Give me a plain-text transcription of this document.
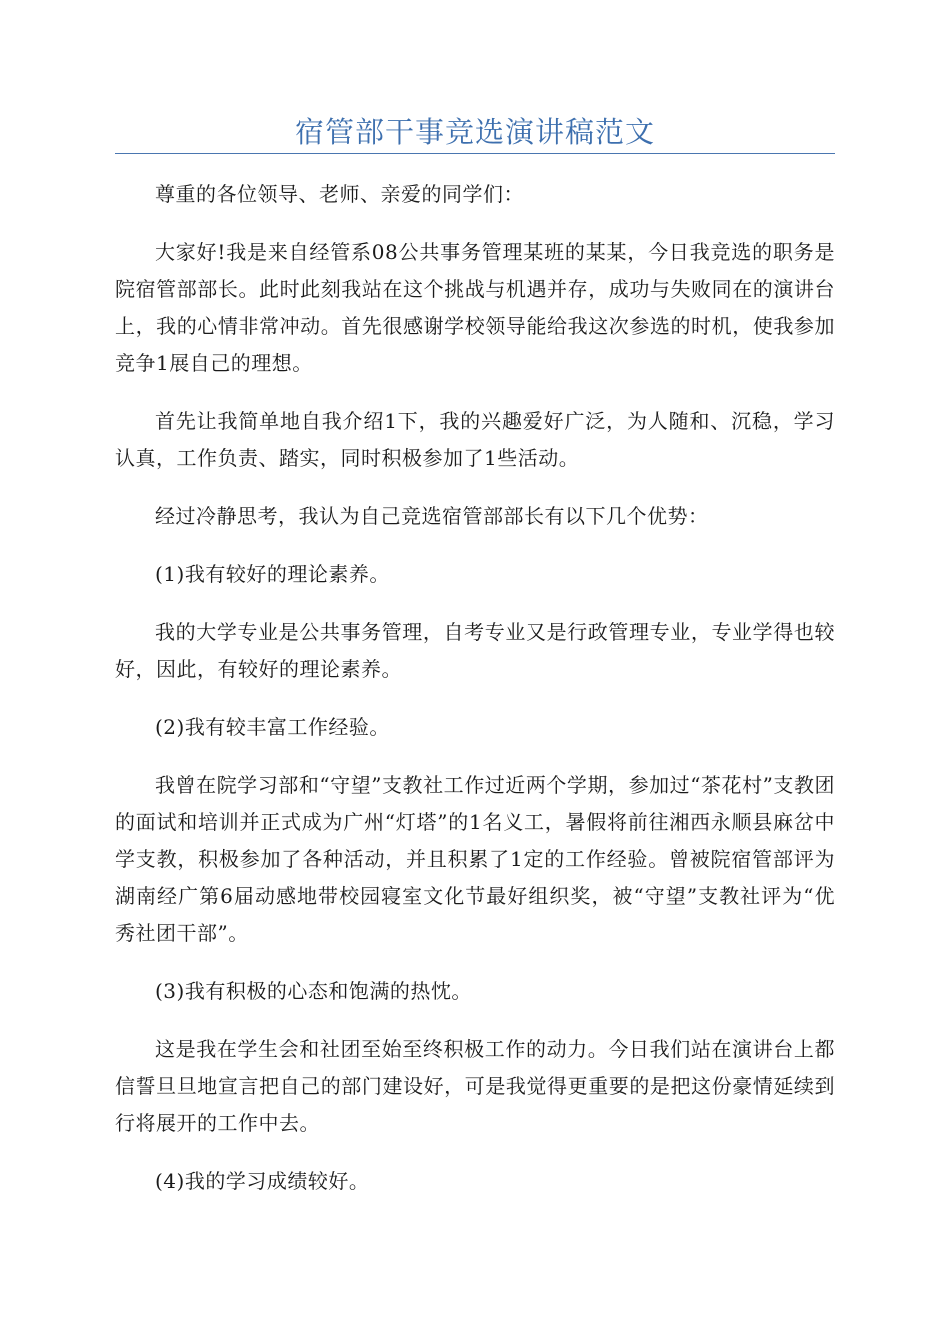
宿管部干事竞选演讲稿范文

尊重的各位领导、老师、亲爱的同学们：

大家好!我是来自经管系08公共事务管理某班的某某，今日我竞选的职务是院宿管部部长。此时此刻我站在这个挑战与机遇并存，成功与失败同在的演讲台上，我的心情非常冲动。首先很感谢学校领导能给我这次参选的时机，使我参加竞争1展自己的理想。

首先让我简单地自我介绍1下，我的兴趣爱好广泛，为人随和、沉稳，学习认真，工作负责、踏实，同时积极参加了1些活动。

经过冷静思考，我认为自己竞选宿管部部长有以下几个优势：

(1)我有较好的理论素养。

我的大学专业是公共事务管理，自考专业又是行政管理专业，专业学得也较好，因此，有较好的理论素养。

(2)我有较丰富工作经验。

我曾在院学习部和“守望”支教社工作过近两个学期，参加过“茶花村”支教团的面试和培训并正式成为广州“灯塔”的1名义工，暑假将前往湘西永顺县麻岔中学支教，积极参加了各种活动，并且积累了1定的工作经验。曾被院宿管部评为湖南经广第6届动感地带校园寝室文化节最好组织奖，被“守望”支教社评为“优秀社团干部”。

(3)我有积极的心态和饱满的热忱。

这是我在学生会和社团至始至终积极工作的动力。今日我们站在演讲台上都信誓旦旦地宣言把自己的部门建设好，可是我觉得更重要的是把这份豪情延续到行将展开的工作中去。

(4)我的学习成绩较好。
